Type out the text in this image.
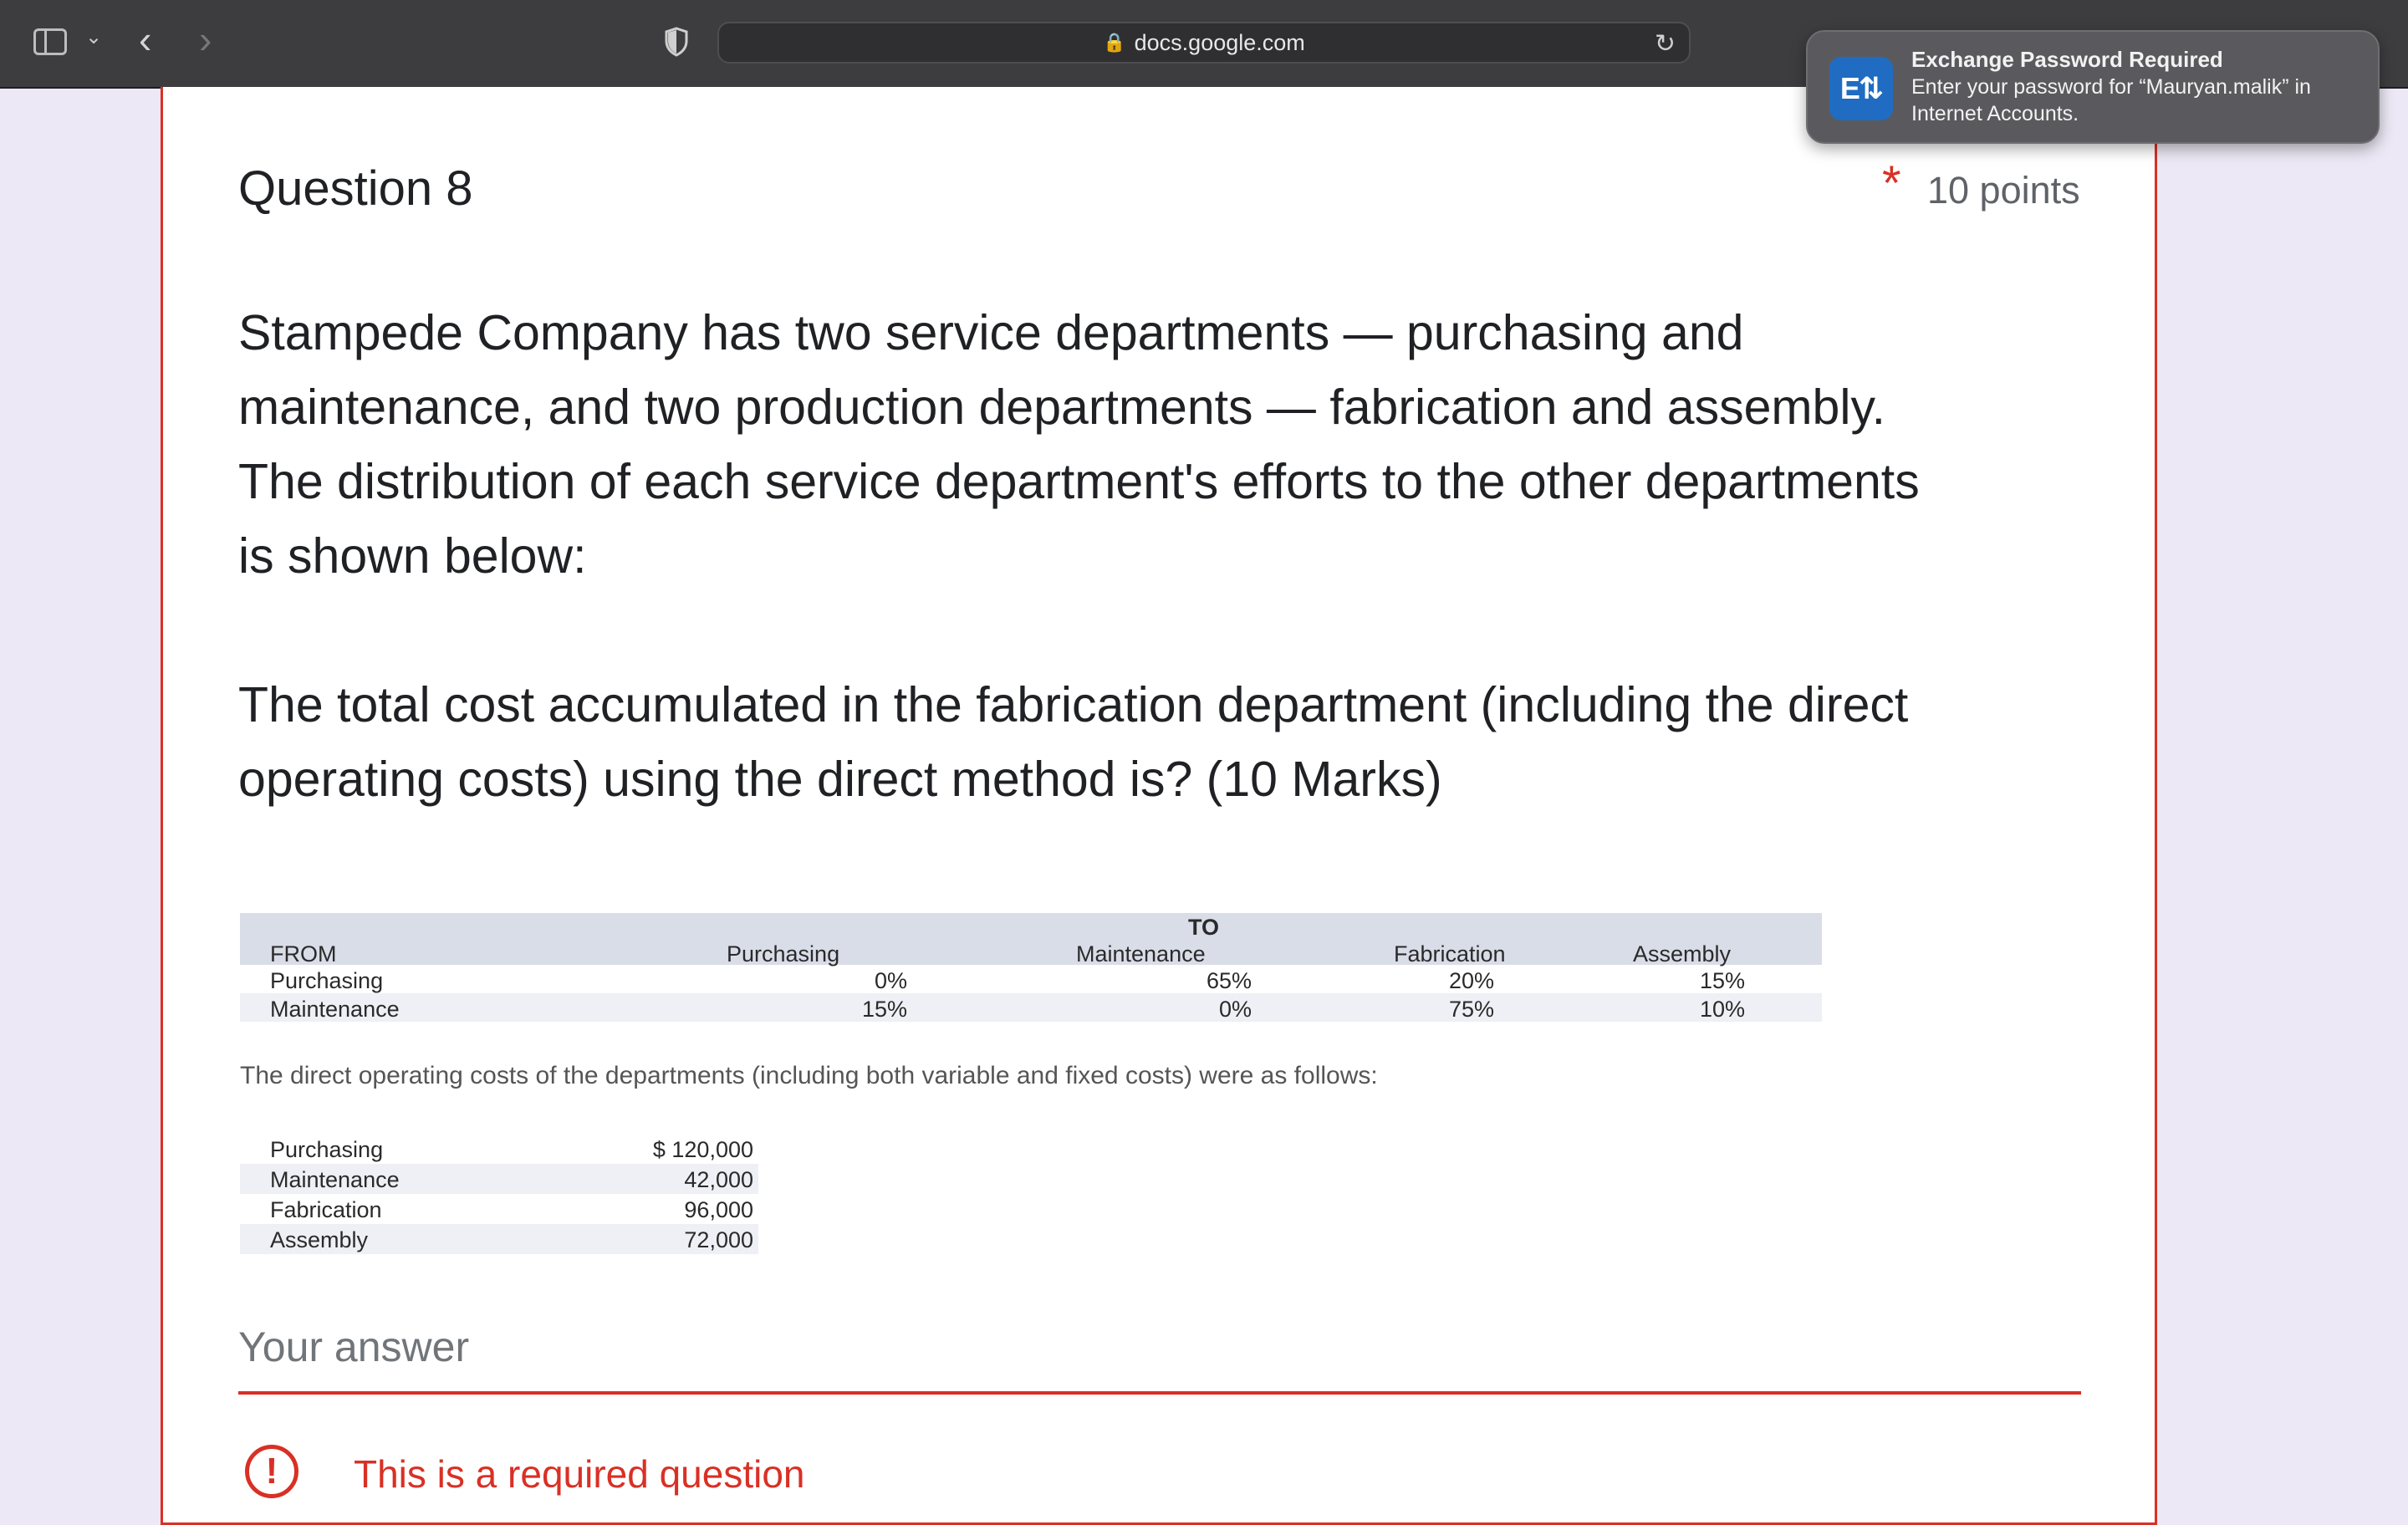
⌄ ‹ ›	🔒 docs.google.com	↻
Question 8	* 10 points

Stampede Company has two service departments — purchasing and maintenance, and two production departments — fabrication and assembly. The distribution of each service department's efforts to the other departments is shown below:

The total cost accumulated in the fabrication department (including the direct operating costs) using the direct method is? (10 Marks)

TO
FROM	Purchasing	Maintenance	Fabrication	Assembly
Purchasing	0%	65%	20%	15%
Maintenance	15%	0%	75%	10%
The direct operating costs of the departments (including both variable and fixed costs) were as follows:
Purchasing	$ 120,000
Maintenance	42,000
Fabrication	96,000
Assembly	72,000
Your answer
!	This is a required question
E⇅
Exchange Password Required
Enter your password for “Mauryan.malik” in Internet Accounts.
